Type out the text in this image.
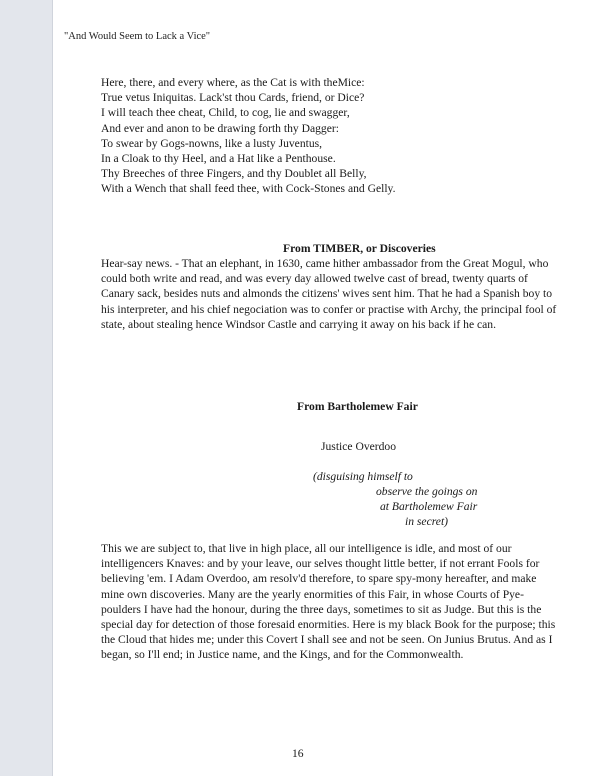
"And Would Seem to Lack a Vice"
Here, there, and every where, as the Cat is with theMice:
True vetus Iniquitas. Lack'st thou Cards, friend, or Dice?
I will teach thee cheat, Child, to cog, lie and swagger,
And ever and anon to be drawing forth thy Dagger:
To swear by Gogs-nowns, like a lusty Juventus,
In a Cloak to thy Heel, and a Hat like a Penthouse.
Thy Breeches of three Fingers, and thy Doublet all Belly,
With a Wench that shall feed thee, with Cock-Stones and Gelly.
From TIMBER, or Discoveries
Hear-say news. - That an elephant, in 1630, came hither ambassador from the Great Mogul, who could both write and read, and was every day allowed twelve cast of bread, twenty quarts of Canary sack, besides nuts and almonds the citizens' wives sent him. That he had a Spanish boy to his interpreter, and his chief negociation was to confer or practise with Archy, the principal fool of state, about stealing hence Windsor Castle and carrying it away on his back if he can.
From Bartholemew Fair
Justice Overdoo
(disguising himself to
observe the goings on
at Bartholemew Fair
in secret)
This we are subject to, that live in high place, all our intelligence is idle, and most of our intelligencers Knaves: and by your leave, our selves thought little better, if not errant Fools for believing 'em. I Adam Overdoo, am resolv'd therefore, to spare spy-mony hereafter, and make mine own discoveries. Many are the yearly enormities of this Fair, in whose Courts of Pye-poulders I have had the honour, during the three days, sometimes to sit as Judge. But this is the special day for detection of those foresaid enormities. Here is my black Book for the purpose; this the Cloud that hides me; under this Covert I shall see and not be seen. On Junius Brutus. And as I began, so I'll end; in Justice name, and the Kings, and for the Commonwealth.
16
